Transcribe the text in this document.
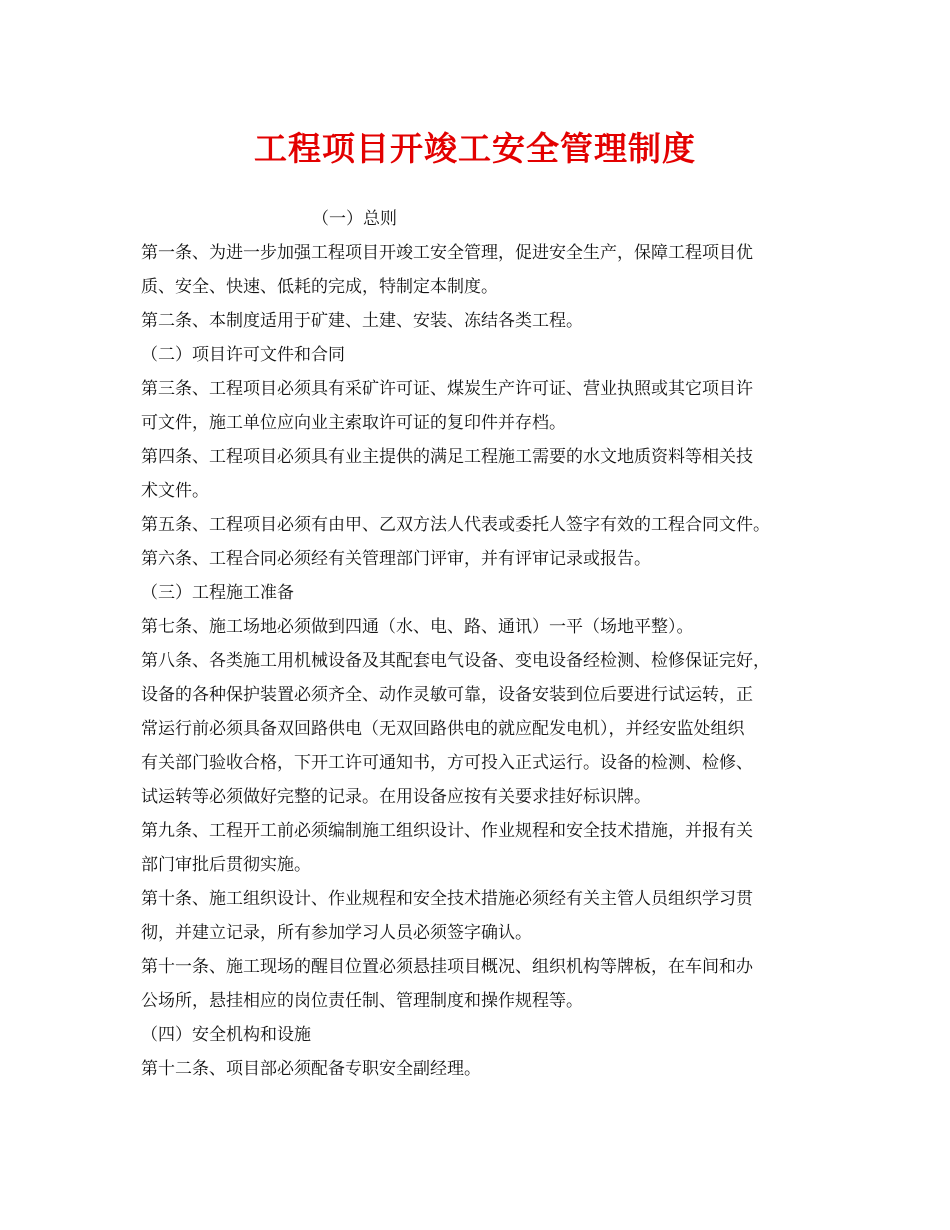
工程项目开竣工安全管理制度
（一）总则
第一条、为进一步加强工程项目开竣工安全管理，促进安全生产，保障工程项目优
质、安全、快速、低耗的完成，特制定本制度。
第二条、本制度适用于矿建、土建、安装、冻结各类工程。
（二）项目许可文件和合同
第三条、工程项目必须具有采矿许可证、煤炭生产许可证、营业执照或其它项目许
可文件，施工单位应向业主索取许可证的复印件并存档。
第四条、工程项目必须具有业主提供的满足工程施工需要的水文地质资料等相关技
术文件。
第五条、工程项目必须有由甲、乙双方法人代表或委托人签字有效的工程合同文件。
第六条、工程合同必须经有关管理部门评审，并有评审记录或报告。
（三）工程施工准备
第七条、施工场地必须做到四通（水、电、路、通讯）一平（场地平整）。
第八条、各类施工用机械设备及其配套电气设备、变电设备经检测、检修保证完好，
设备的各种保护装置必须齐全、动作灵敏可靠，设备安装到位后要进行试运转，正
常运行前必须具备双回路供电（无双回路供电的就应配发电机），并经安监处组织
有关部门验收合格，下开工许可通知书，方可投入正式运行。设备的检测、检修、
试运转等必须做好完整的记录。在用设备应按有关要求挂好标识牌。
第九条、工程开工前必须编制施工组织设计、作业规程和安全技术措施，并报有关
部门审批后贯彻实施。
第十条、施工组织设计、作业规程和安全技术措施必须经有关主管人员组织学习贯
彻，并建立记录，所有参加学习人员必须签字确认。
第十一条、施工现场的醒目位置必须悬挂项目概况、组织机构等牌板，在车间和办
公场所，悬挂相应的岗位责任制、管理制度和操作规程等。
（四）安全机构和设施
第十二条、项目部必须配备专职安全副经理。
